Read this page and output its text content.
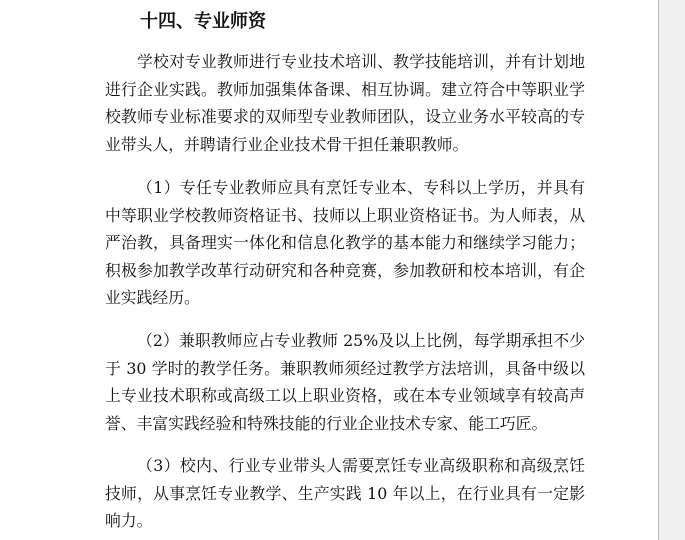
十四、专业师资
学校对专业教师进行专业技术培训、教学技能培训，并有计划地
进行企业实践。教师加强集体备课、相互协调。建立符合中等职业学
校教师专业标准要求的双师型专业教师团队，设立业务水平较高的专
业带头人，并聘请行业企业技术骨干担任兼职教师。
（1）专任专业教师应具有烹饪专业本、专科以上学历，并具有
中等职业学校教师资格证书、技师以上职业资格证书。为人师表，从
严治教，具备理实一体化和信息化教学的基本能力和继续学习能力；
积极参加教学改革行动研究和各种竞赛，参加教研和校本培训，有企
业实践经历。
（2）兼职教师应占专业教师 25%及以上比例，每学期承担不少
于 30 学时的教学任务。兼职教师须经过教学方法培训，具备中级以
上专业技术职称或高级工以上职业资格，或在本专业领域享有较高声
誉、丰富实践经验和特殊技能的行业企业技术专家、能工巧匠。
（3）校内、行业专业带头人需要烹饪专业高级职称和高级烹饪
技师，从事烹饪专业教学、生产实践 10 年以上，在行业具有一定影
响力。
